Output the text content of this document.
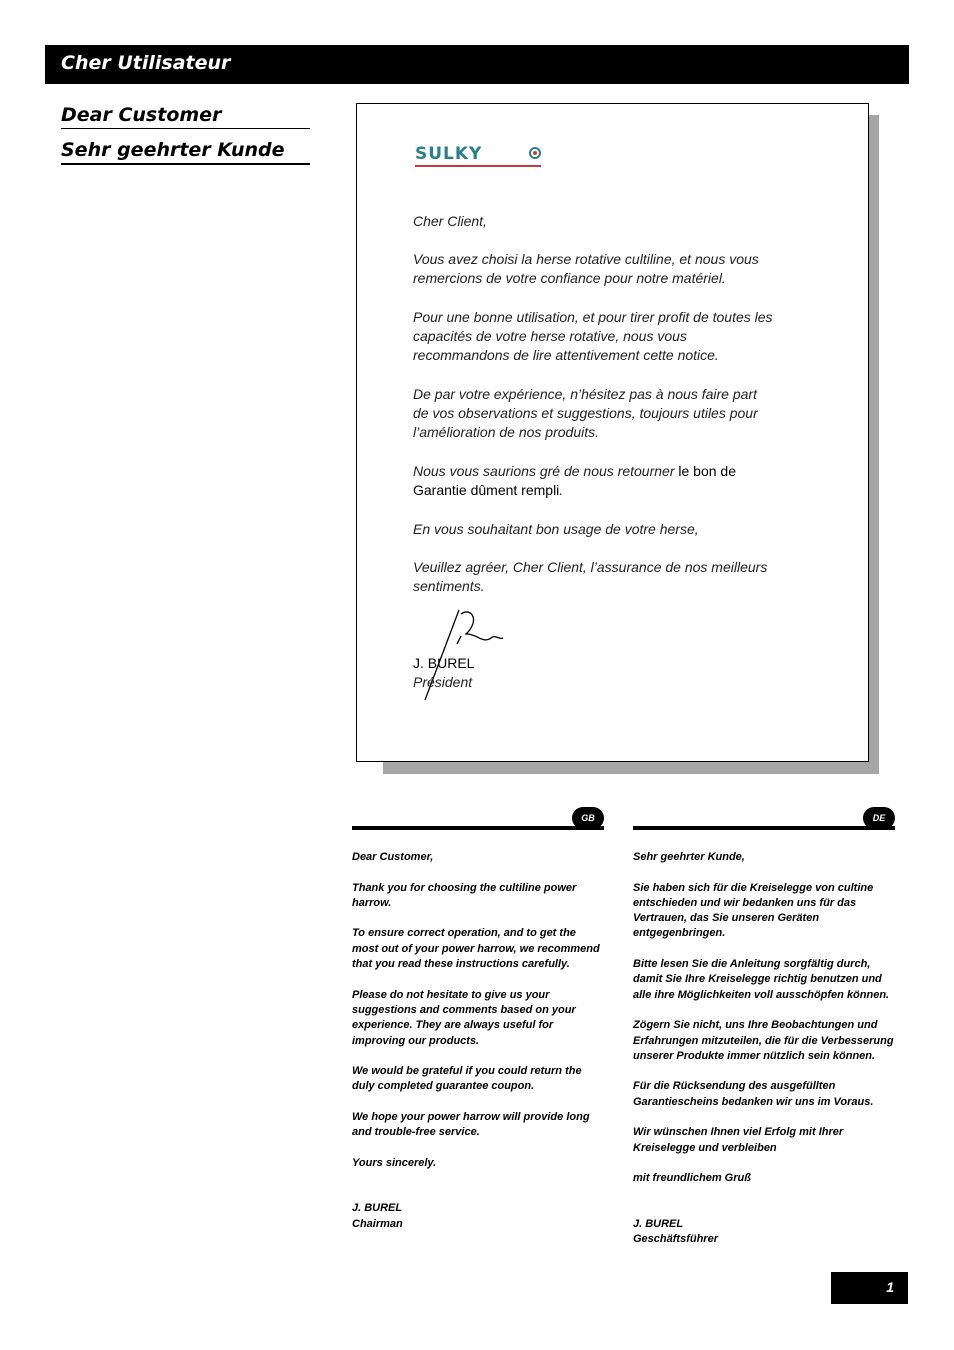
Cher Utilisateur
Dear Customer
Sehr geehrter Kunde	SULKY
Cher Client,
Vous avez choisi la herse rotative cultiline, et nous vous remercions de votre confiance pour notre matériel.
Pour une bonne utilisation, et pour tirer profit de toutes les capacités de votre herse rotative, nous vous recommandons de lire attentivement cette notice.
De par votre expérience, n’hésitez pas à nous faire part de vos observations et suggestions, toujours utiles pour l’amélioration de nos produits.
Nous vous saurions gré de nous retourner le bon de Garantie dûment rempli.
En vous souhaitant bon usage de votre herse,
Veuillez agréer, Cher Client, l’assurance de nos meilleurs sentiments.
J. BUREL
Président
GB

Dear Customer,

Thank you for choosing the cultiline power harrow.

To ensure correct operation, and to get the most out of your power harrow, we recommend that you read these instructions carefully.

Please do not hesitate to give us your suggestions and comments based on your experience. They are always useful for improving our products.

We would be grateful if you could return the duly completed guarantee coupon.

We hope your power harrow will provide long and trouble-free service.

Yours sincerely.

J. BUREL
Chairman

DE

Sehr geehrter Kunde,

Sie haben sich für die Kreiselegge von cultine entschieden und wir bedanken uns für das Vertrauen, das Sie unseren Geräten entgegenbringen.

Bitte lesen Sie die Anleitung sorgfältig durch, damit Sie Ihre Kreiselegge richtig benutzen und alle ihre Möglichkeiten voll ausschöpfen können.

Zögern Sie nicht, uns Ihre Beobachtungen und Erfahrungen mitzuteilen, die für die Verbesserung unserer Produkte immer nützlich sein können.

Für die Rücksendung des ausgefüllten Garantiescheins bedanken wir uns im Voraus.

Wir wünschen Ihnen viel Erfolg mit Ihrer Kreiselegge und verbleiben

mit freundlichem Gruß

J. BUREL
Geschäftsführer

1
